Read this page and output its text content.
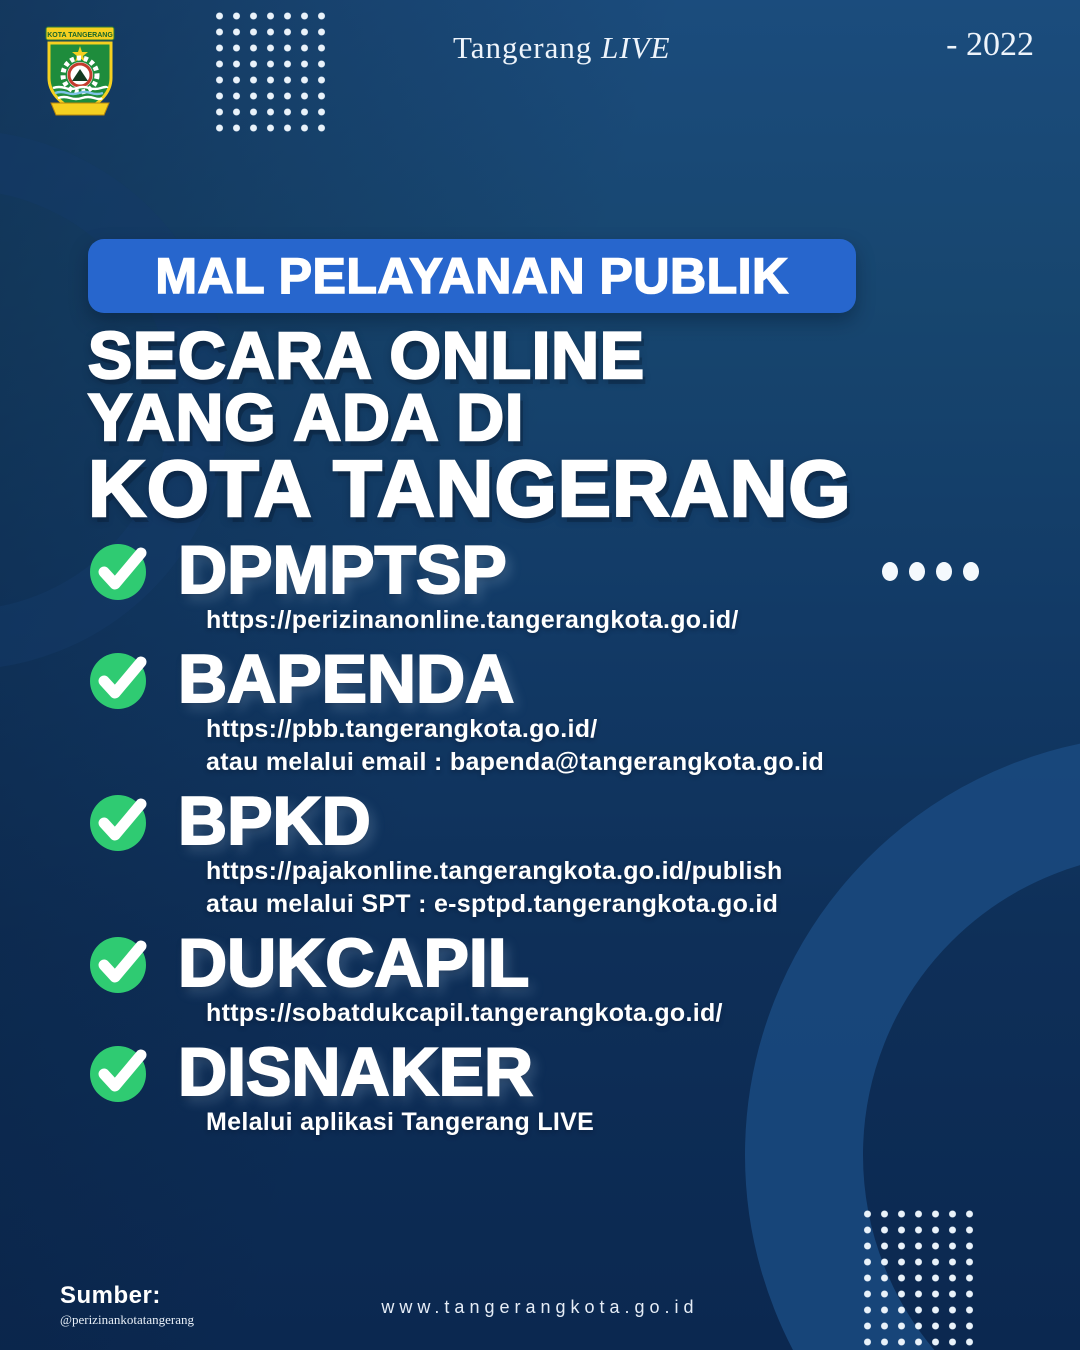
KOTA TANGERANG	Tangerang LIVE	- 2022
MAL PELAYANAN PUBLIK
SECARA ONLINE
YANG ADA DI
KOTA TANGERANG
DPMPTSP
https://perizinanonline.tangerangkota.go.id/
BAPENDA
https://pbb.tangerangkota.go.id/
atau melalui email : bapenda@tangerangkota.go.id
BPKD
https://pajakonline.tangerangkota.go.id/publish
atau melalui SPT : e-sptpd.tangerangkota.go.id
DUKCAPIL
https://sobatdukcapil.tangerangkota.go.id/
DISNAKER
Melalui aplikasi Tangerang LIVE
Sumber:
@perizinankotatangerang
www.tangerangkota.go.id
